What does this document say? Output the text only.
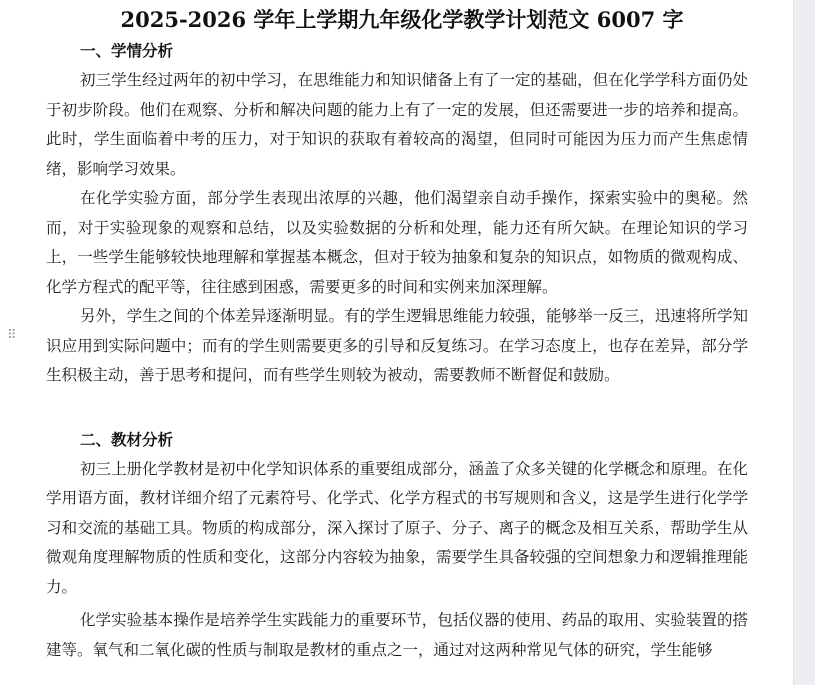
⠿
2025-2026 学年上学期九年级化学教学计划范文 6007 字
一、学情分析

初三学生经过两年的初中学习，在思维能力和知识储备上有了一定的基础，但在化学学科方面仍处于初步阶段。他们在观察、分析和解决问题的能力上有了一定的发展，但还需要进一步的培养和提高。此时，学生面临着中考的压力，对于知识的获取有着较高的渴望，但同时可能因为压力而产生焦虑情绪，影响学习效果。

在化学实验方面，部分学生表现出浓厚的兴趣，他们渴望亲自动手操作，探索实验中的奥秘。然而，对于实验现象的观察和总结，以及实验数据的分析和处理，能力还有所欠缺。在理论知识的学习上，一些学生能够较快地理解和掌握基本概念，但对于较为抽象和复杂的知识点，如物质的微观构成、化学方程式的配平等，往往感到困惑，需要更多的时间和实例来加深理解。

另外，学生之间的个体差异逐渐明显。有的学生逻辑思维能力较强，能够举一反三，迅速将所学知识应用到实际问题中；而有的学生则需要更多的引导和反复练习。在学习态度上，也存在差异，部分学生积极主动，善于思考和提问，而有些学生则较为被动，需要教师不断督促和鼓励。

二、教材分析

初三上册化学教材是初中化学知识体系的重要组成部分，涵盖了众多关键的化学概念和原理。在化学用语方面，教材详细介绍了元素符号、化学式、化学方程式的书写规则和含义，这是学生进行化学学习和交流的基础工具。物质的构成部分，深入探讨了原子、分子、离子的概念及相互关系，帮助学生从微观角度理解物质的性质和变化，这部分内容较为抽象，需要学生具备较强的空间想象力和逻辑推理能力。

化学实验基本操作是培养学生实践能力的重要环节，包括仪器的使用、药品的取用、实验装置的搭建等。氧气和二氧化碳的性质与制取是教材的重点之一，通过对这两种常见气体的研究，学生能够
